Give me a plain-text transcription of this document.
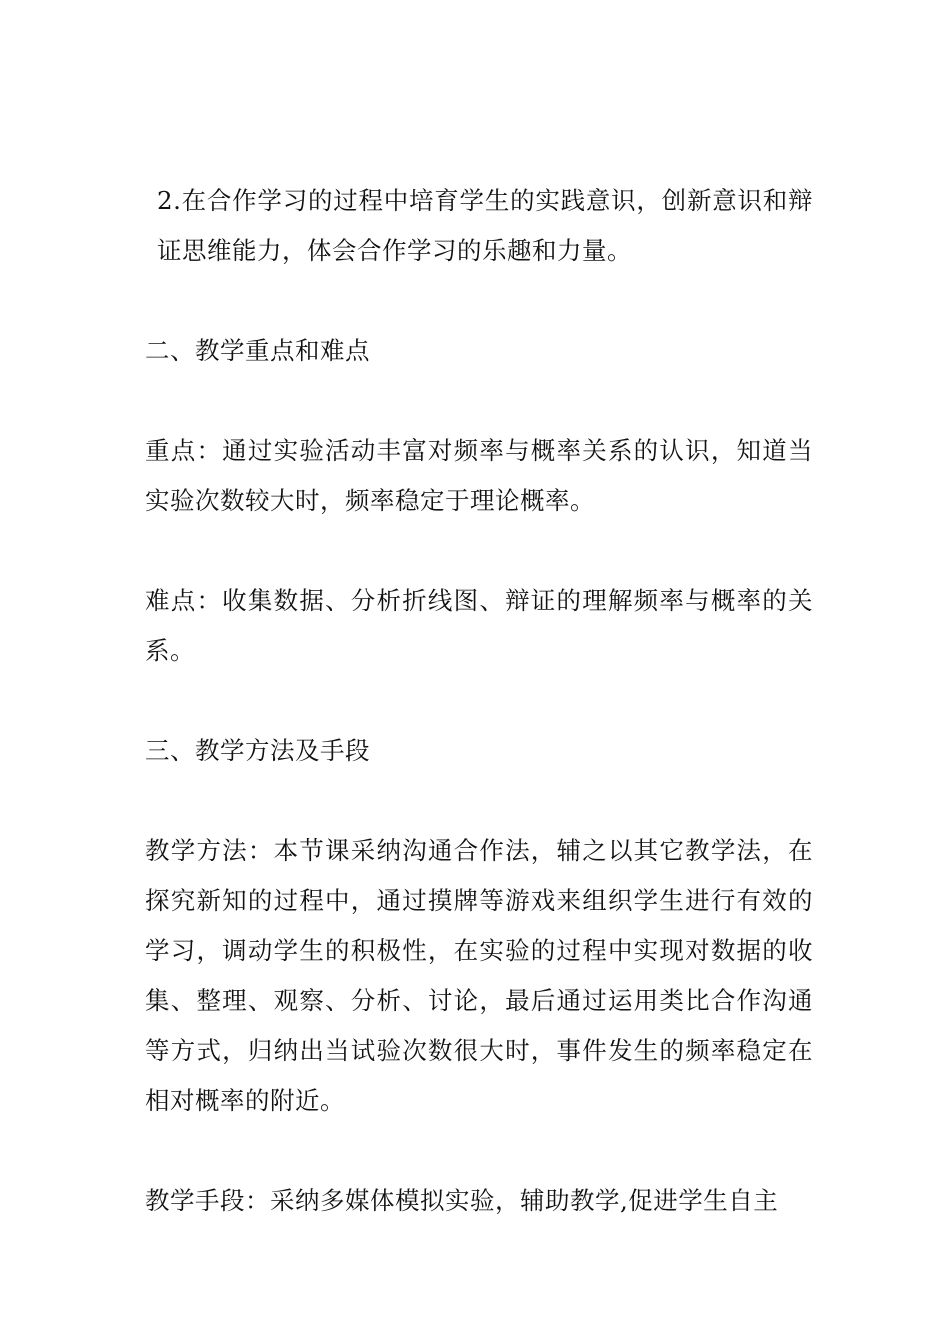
2.在合作学习的过程中培育学生的实践意识，创新意识和辩证思维能力，体会合作学习的乐趣和力量。

二、教学重点和难点

重点：通过实验活动丰富对频率与概率关系的认识，知道当实验次数较大时，频率稳定于理论概率。

难点：收集数据、分析折线图、辩证的理解频率与概率的关系。

三、教学方法及手段

教学方法：本节课采纳沟通合作法，辅之以其它教学法，在探究新知的过程中，通过摸牌等游戏来组织学生进行有效的学习，调动学生的积极性，在实验的过程中实现对数据的收集、整理、观察、分析、讨论，最后通过运用类比合作沟通等方式，归纳出当试验次数很大时，事件发生的频率稳定在相对概率的附近。

教学手段：采纳多媒体模拟实验，辅助教学,促进学生自主
